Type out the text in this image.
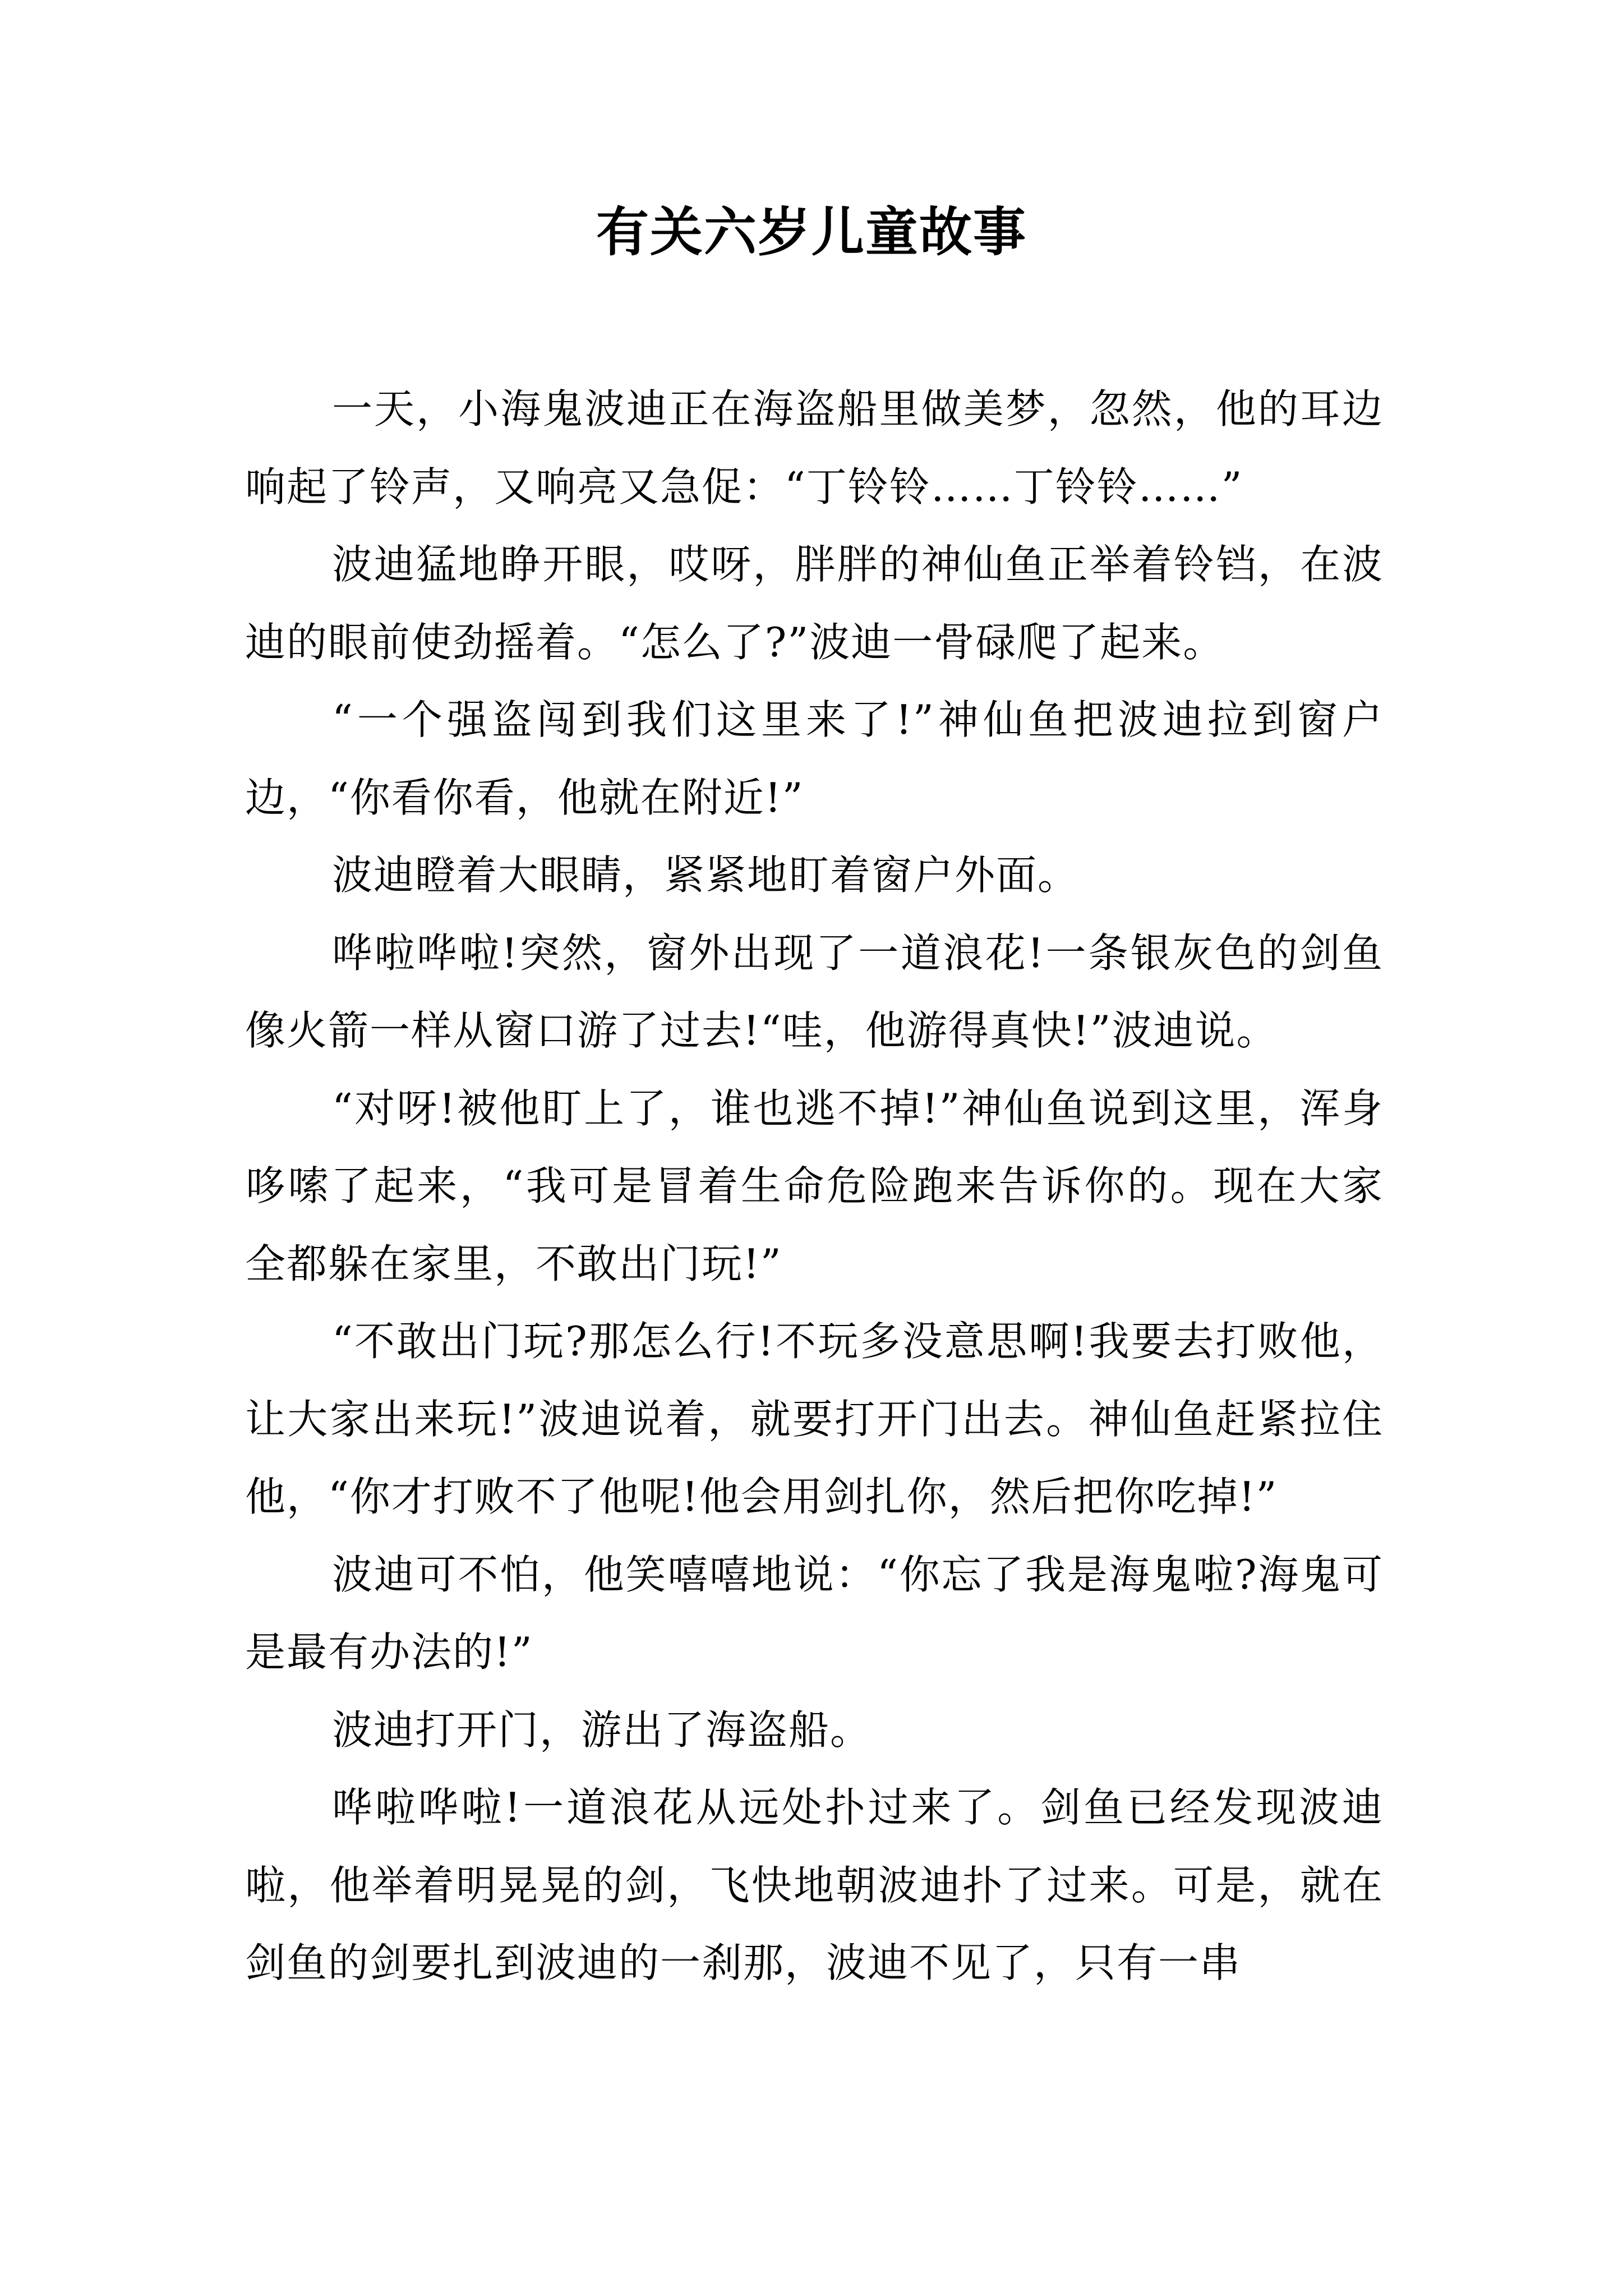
有关六岁儿童故事

一天，小海鬼波迪正在海盗船里做美梦，忽然，他的耳边响起了铃声，又响亮又急促：“丁铃铃……丁铃铃……”

波迪猛地睁开眼，哎呀，胖胖的神仙鱼正举着铃铛，在波迪的眼前使劲摇着。“怎么了?”波迪一骨碌爬了起来。

“一个强盗闯到我们这里来了!”神仙鱼把波迪拉到窗户边，“你看你看，他就在附近!”

波迪瞪着大眼睛，紧紧地盯着窗户外面。

哗啦哗啦!突然，窗外出现了一道浪花!一条银灰色的剑鱼像火箭一样从窗口游了过去!“哇，他游得真快!”波迪说。

“对呀!被他盯上了，谁也逃不掉!”神仙鱼说到这里，浑身哆嗦了起来，“我可是冒着生命危险跑来告诉你的。现在大家全都躲在家里，不敢出门玩!”

“不敢出门玩?那怎么行!不玩多没意思啊!我要去打败他，让大家出来玩!”波迪说着，就要打开门出去。神仙鱼赶紧拉住他，“你才打败不了他呢!他会用剑扎你，然后把你吃掉!”

波迪可不怕，他笑嘻嘻地说：“你忘了我是海鬼啦?海鬼可是最有办法的!”

波迪打开门，游出了海盗船。

哗啦哗啦!一道浪花从远处扑过来了。剑鱼已经发现波迪啦，他举着明晃晃的剑，飞快地朝波迪扑了过来。可是，就在剑鱼的剑要扎到波迪的一刹那，波迪不见了，只有一串
